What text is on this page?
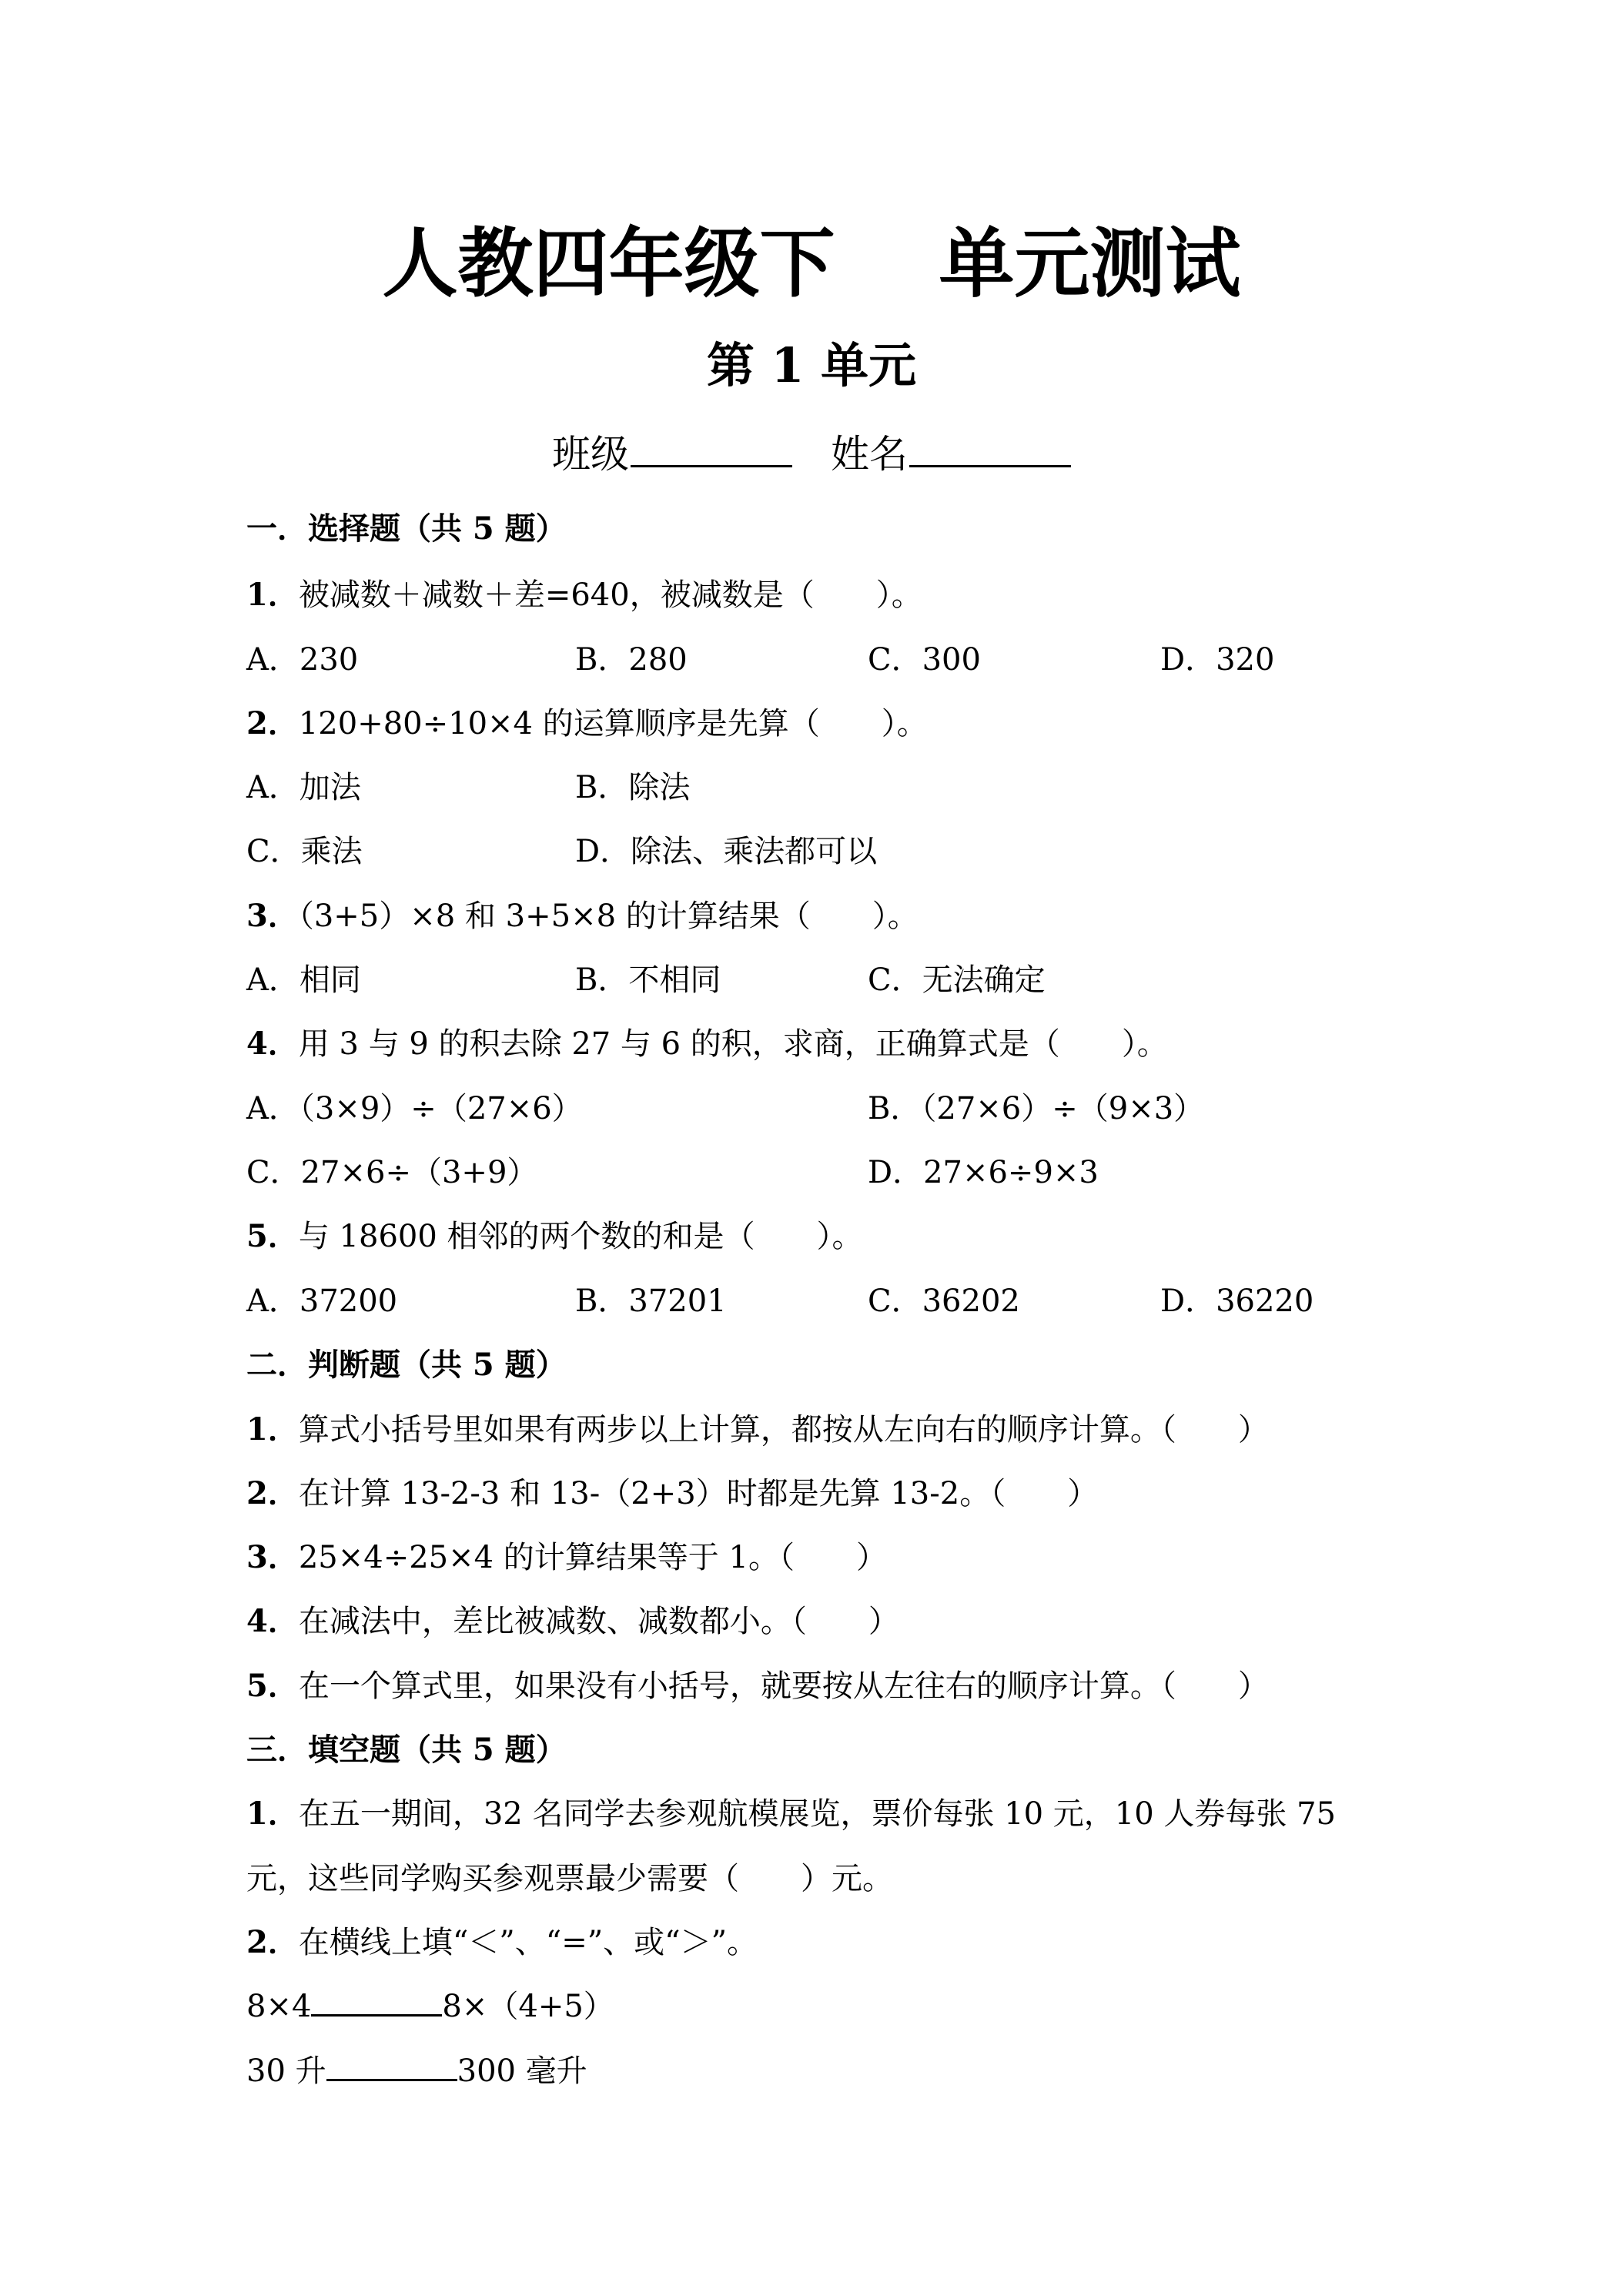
人教四年级下 单元测试
第 1 单元
班级	姓名
一．选择题（共 5 题）
1．被减数＋减数＋差=640，被减数是（ ）。
A．230	B．280	C．300	D．320
2．120+80÷10×4 的运算顺序是先算（ ）。
A．加法	B．除法
C．乘法	D．除法、乘法都可以
3．（3+5）×8 和 3+5×8 的计算结果（ ）。
A．相同	B．不相同	C．无法确定
4．用 3 与 9 的积去除 27 与 6 的积，求商，正确算式是（ ）。
A．（3×9）÷（27×6）	B．（27×6）÷（9×3）
C．27×6÷（3+9）	D．27×6÷9×3
5．与 18600 相邻的两个数的和是（ ）。
A．37200	B．37201	C．36202	D．36220
二．判断题（共 5 题）
1．算式小括号里如果有两步以上计算，都按从左向右的顺序计算。（ ）
2．在计算 13-2-3 和 13-（2+3）时都是先算 13-2。（ ）
3．25×4÷25×4 的计算结果等于 1。（ ）
4．在减法中，差比被减数、减数都小。（ ）
5．在一个算式里，如果没有小括号，就要按从左往右的顺序计算。（ ）
三．填空题（共 5 题）
1．在五一期间，32 名同学去参观航模展览，票价每张 10 元，10 人券每张 75
元，这些同学购买参观票最少需要（ ）元。
2．在横线上填“＜”、“=”、或“＞”。
8×4	8×（4+5）
30 升	300 毫升
